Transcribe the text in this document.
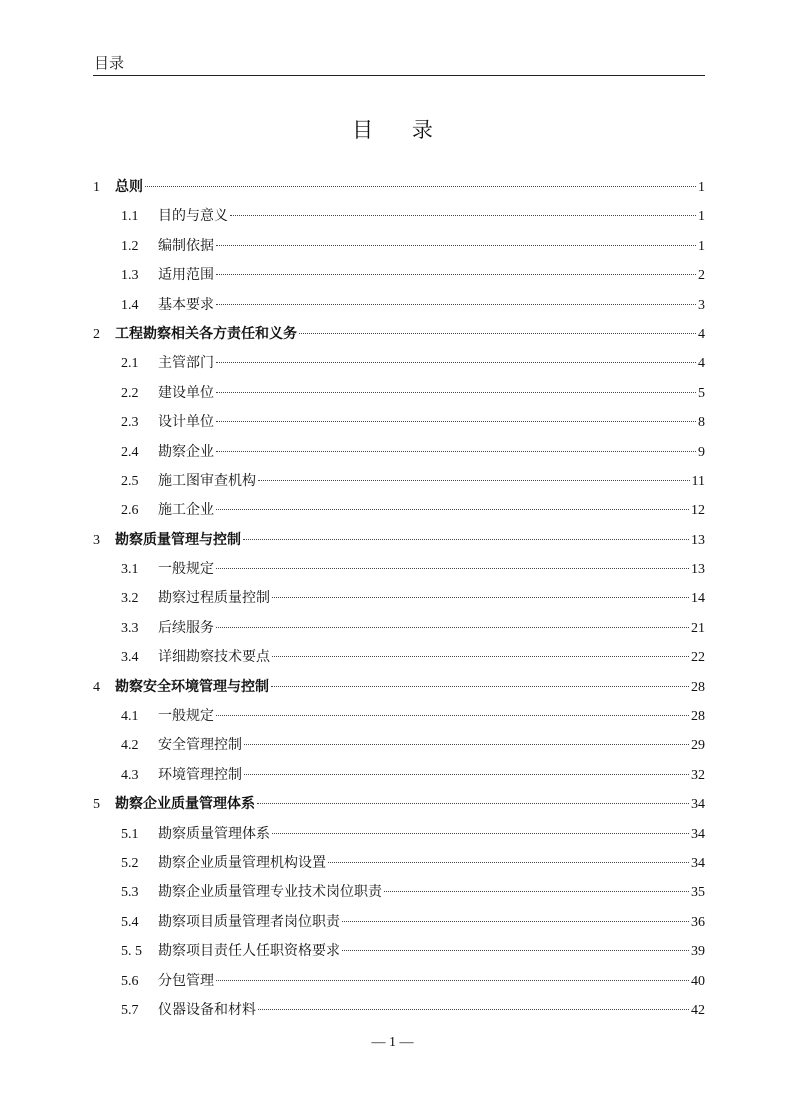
目录
目 录
1	总则	1
1.1	目的与意义	1
1.2	编制依据	1
1.3	适用范围	2
1.4	基本要求	3
2	工程勘察相关各方责任和义务	4
2.1	主管部门	4
2.2	建设单位	5
2.3	设计单位	8
2.4	勘察企业	9
2.5	施工图审查机构	11
2.6	施工企业	12
3	勘察质量管理与控制	13
3.1	一般规定	13
3.2	勘察过程质量控制	14
3.3	后续服务	21
3.4	详细勘察技术要点	22
4	勘察安全环境管理与控制	28
4.1	一般规定	28
4.2	安全管理控制	29
4.3	环境管理控制	32
5	勘察企业质量管理体系	34
5.1	勘察质量管理体系	34
5.2	勘察企业质量管理机构设置	34
5.3	勘察企业质量管理专业技术岗位职责	35
5.4	勘察项目质量管理者岗位职责	36
5. 5	勘察项目责任人任职资格要求	39
5.6	分包管理	40
5.7	仪器设备和材料	42
— 1 —
